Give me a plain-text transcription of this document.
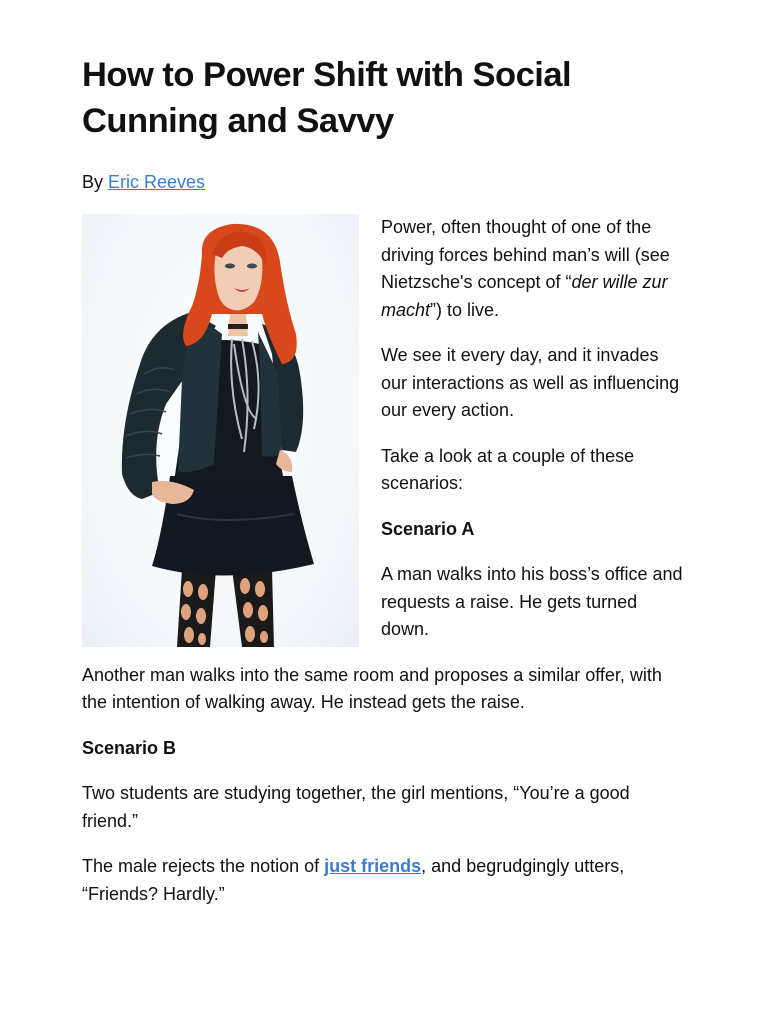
How to Power Shift with Social Cunning and Savvy
By Eric Reeves

Power, often thought of one of the driving forces behind man’s will (see Nietzsche's concept of “der wille zur macht”) to live.

We see it every day, and it invades our interactions as well as influencing our every action.

Take a look at a couple of these scenarios:

Scenario A

A man walks into his boss’s office and requests a raise. He gets turned down.

Another man walks into the same room and proposes a similar offer, with the intention of walking away. He instead gets the raise.

Scenario B

Two students are studying together, the girl mentions, “You’re a good friend.”

The male rejects the notion of just friends, and begrudgingly utters, “Friends? Hardly.”
